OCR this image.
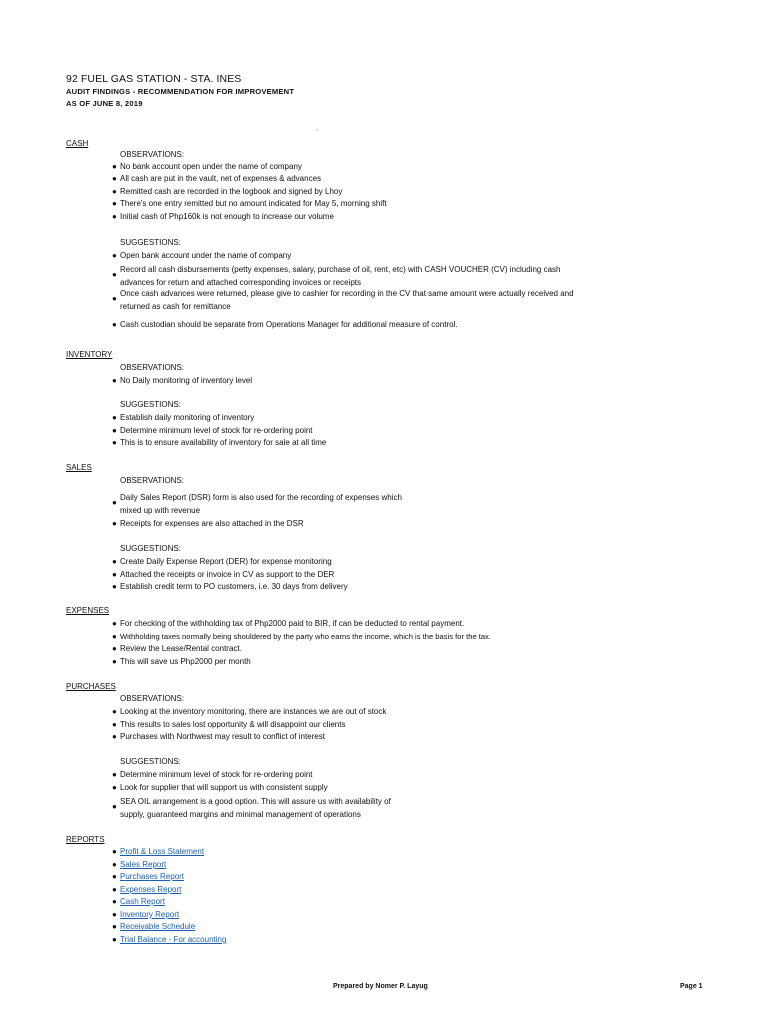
92 FUEL GAS STATION - STA. INES
AUDIT FINDINGS - RECOMMENDATION FOR IMPROVEMENT
AS OF JUNE 8, 2019
`
CASH
OBSERVATIONS:
● No bank account open under the name of company
● All cash are put in the vault, net of expenses & advances
● Remitted cash are recorded in the logbook and signed by Lhoy
● There's one entry remitted but no amount indicated for May 5, morning shift
● Initial cash of Php160k is not enough to increase our volume
SUGGESTIONS:
● Open bank account under the name of company
●
Record all cash disbursements (petty expenses, salary, purchase of oil, rent, etc) with CASH VOUCHER (CV) including cash advances for return and attached corresponding invoices or receipts
●
Once cash advances were returned, please give to cashier for recording in the CV that same amount were actually received and returned as cash for remittance
● Cash custodian should be separate from Operations Manager for additional measure of control.
INVENTORY
OBSERVATIONS:
● No Daily monitoring of inventory level
SUGGESTIONS:
● Establish daily monitoring of inventory
● Determine minimum level of stock for re-ordering point
● This is to ensure availability of inventory for sale at all time
SALES
OBSERVATIONS:
●
Daily Sales Report (DSR) form is also used for the recording of expenses which mixed up with revenue
● Receipts for expenses are also attached in the DSR
SUGGESTIONS:
● Create Daily Expense Report (DER) for expense monitoring
● Attached the receipts or invoice in CV as support to the DER
● Establish credit term to PO customers, i.e. 30 days from delivery
EXPENSES
● For checking of the withholding tax of Php2000 paid to BIR, if can be deducted to rental payment.
● Withholding taxes normally being shouldered by the party who earns the income, which is the basis for the tax.
● Review the Lease/Rental contract.
● This will save us Php2000 per month
PURCHASES
OBSERVATIONS:
● Looking at the inventory monitoring, there are instances we are out of stock
● This results to sales lost opportunity & will disappoint our clients
● Purchases with Northwest may result to conflict of interest
SUGGESTIONS:
● Determine minimum level of stock for re-ordering point
● Look for supplier that will support us with consistent supply
●
SEA OIL arrangement is a good option. This will assure us with availability of supply, guaranteed margins and minimal management of operations
REPORTS
● Profit & Loss Statement
● Sales Report
● Purchases Report
● Expenses Report
● Cash Report
● Inventory Report
● Receivable Schedule
● Trial Balance - For accounting
Prepared by Nomer P. Layug	Page 1
